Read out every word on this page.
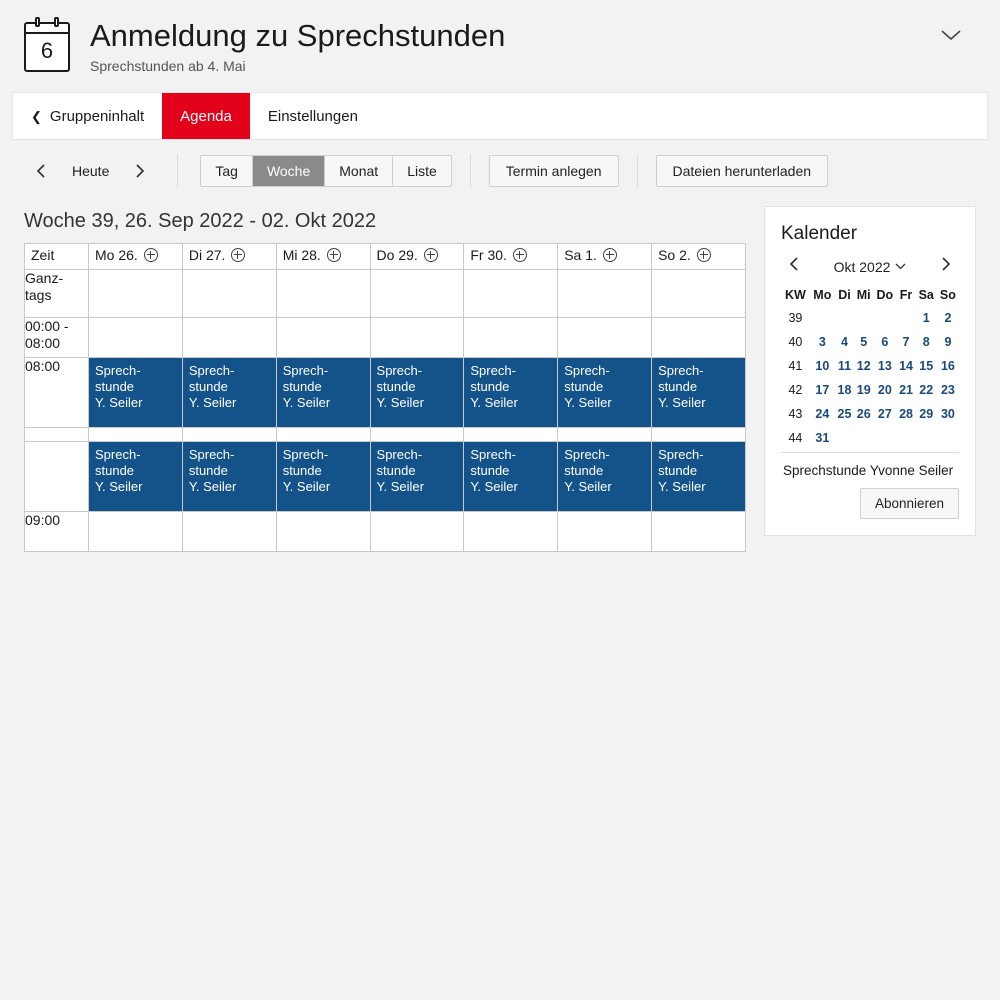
6	Anmeldung zu Sprechstunden
Sprechstunden ab 4. Mai
❮ Gruppeninhalt Agenda Einstellungen
Heute	Tag	Woche	Monat	Liste	Termin anlegen	Dateien herunterladen
Woche 39, 26. Sep 2022 - 02. Okt 2022
Zeit	Mo 26.	Di 27.	Mi 28.	Do 29.	Fr 30.	Sa 1.	So 2.

Ganz-
tags							
00:00 -
08:00							
08:00	Sprech-
stunde
Y. Seiler	Sprech-
stunde
Y. Seiler	Sprech-
stunde
Y. Seiler	Sprech-
stunde
Y. Seiler	Sprech-
stunde
Y. Seiler	Sprech-
stunde
Y. Seiler	Sprech-
stunde
Y. Seiler

	Sprech-
stunde
Y. Seiler	Sprech-
stunde
Y. Seiler	Sprech-
stunde
Y. Seiler	Sprech-
stunde
Y. Seiler	Sprech-
stunde
Y. Seiler	Sprech-
stunde
Y. Seiler	Sprech-
stunde
Y. Seiler

09:00							
Kalender
Okt 2022
KW	Mo	Di	Mi	Do	Fr	Sa	So
39						1	2
40	3	4	5	6	7	8	9
41	10	11	12	13	14	15	16
42	17	18	19	20	21	22	23
43	24	25	26	27	28	29	30
44	31						
Sprechstunde Yvonne Seiler
Abonnieren
